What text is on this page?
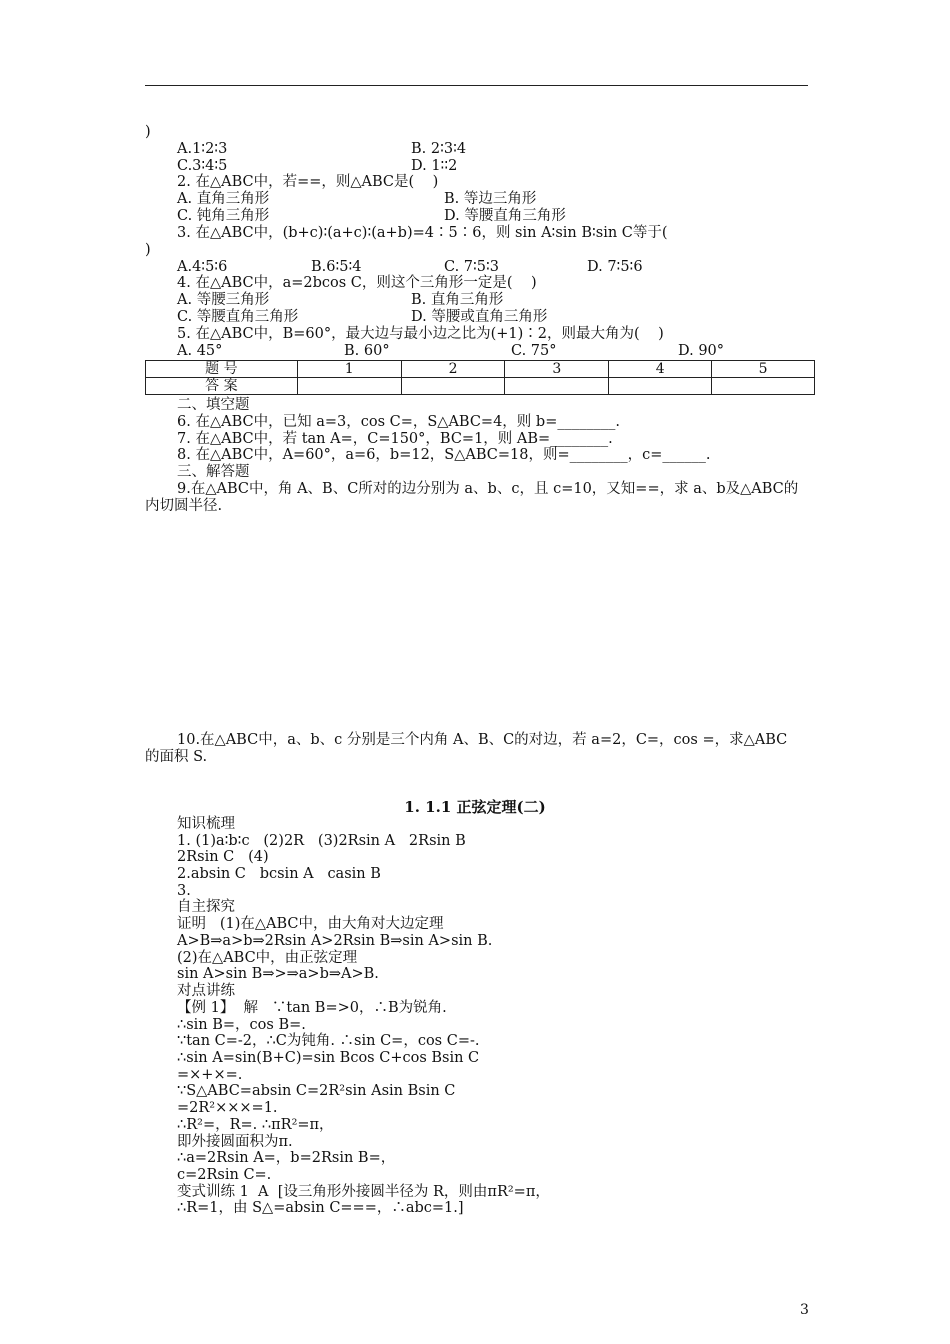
)
A.1∶2∶3	B. 2∶3∶4
C.3∶4∶5	D. 1∶∶2
2. 在△ABC中，若==，则△ABC是(    )
A. 直角三角形	B. 等边三角形
C. 钝角三角形	D. 等腰直角三角形
3. 在△ABC中，(b+c)∶(a+c)∶(a+b)=4∶5∶6，则 sin A∶sin B∶sin C等于(
)
A.4∶5∶6	B.6∶5∶4	C. 7∶5∶3	D. 7∶5∶6
4. 在△ABC中，a=2bcos C，则这个三角形一定是(    )
A. 等腰三角形	B. 直角三角形
C. 等腰直角三角形	D. 等腰或直角三角形
5. 在△ABC中，B=60°，最大边与最小边之比为(+1)∶2，则最大角为(    )
A. 45°	B. 60°	C. 75°	D. 90°
题 号	1	2	3	4	5
答 案					
二、填空题
6. 在△ABC中，已知 a=3，cos C=，S△ABC=4，则 b=________.
7. 在△ABC中，若 tan A=，C=150°，BC=1，则 AB=________.
8. 在△ABC中，A=60°，a=6，b=12，S△ABC=18，则=________，c=______.
三、解答题
9.在△ABC中，角 A、B、C所对的边分别为 a、b、c，且 c=10，又知==，求 a、b及△ABC的
内切圆半径.
10.在△ABC中，a、b、c 分别是三个内角 A、B、C的对边，若 a=2，C=，cos =，求△ABC
的面积 S.
1. 1.1 正弦定理(二)
知识梳理
1. (1)a∶b∶c   (2)2R   (3)2Rsin A   2Rsin B
2Rsin C   (4)
2.absin C   bcsin A   casin B
3.
自主探究
证明   (1)在△ABC中，由大角对大边定理
A>B⇒a>b⇒2Rsin A>2Rsin B⇒sin A>sin B.
(2)在△ABC中，由正弦定理
sin A>sin B⇒>⇒a>b⇒A>B.
对点讲练
【例 1】  解   ∵tan B=>0，∴B为锐角.
∴sin B=，cos B=.
∵tan C=-2，∴C为钝角. ∴sin C=，cos C=-.
∴sin A=sin(B+C)=sin Bcos C+cos Bsin C
=×+×=.
∵S△ABC=absin C=2R²sin Asin Bsin C
=2R²×××=1.
∴R²=，R=. ∴πR²=π，
即外接圆面积为π.
∴a=2Rsin A=，b=2Rsin B=，
c=2Rsin C=.
变式训练 1  A  [设三角形外接圆半径为 R，则由πR²=π，
∴R=1，由 S△=absin C===，∴abc=1.]
3
